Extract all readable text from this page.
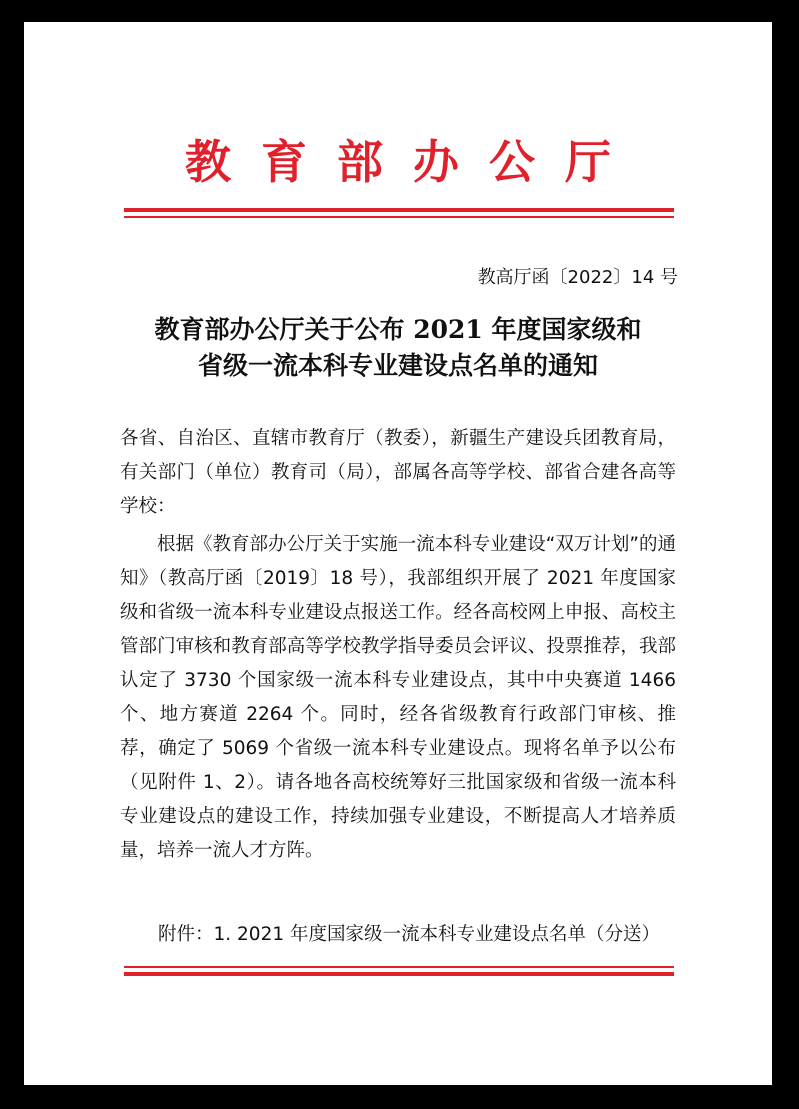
教育部办公厅
教高厅函〔2022〕14 号
教育部办公厅关于公布 2021 年度国家级和
省级一流本科专业建设点名单的通知
各省、自治区、直辖市教育厅（教委），新疆生产建设兵团教育局，有关部门（单位）教育司（局），部属各高等学校、部省合建各高等学校：
根据《教育部办公厅关于实施一流本科专业建设“双万计划”的通知》（教高厅函〔2019〕18 号），我部组织开展了 2021 年度国家级和省级一流本科专业建设点报送工作。经各高校网上申报、高校主管部门审核和教育部高等学校教学指导委员会评议、投票推荐，我部认定了 3730 个国家级一流本科专业建设点，其中中央赛道 1466 个、地方赛道 2264 个。同时，经各省级教育行政部门审核、推荐，确定了 5069 个省级一流本科专业建设点。现将名单予以公布（见附件 1、2）。请各地各高校统筹好三批国家级和省级一流本科专业建设点的建设工作，持续加强专业建设，不断提高人才培养质量，培养一流人才方阵。
附件：1. 2021 年度国家级一流本科专业建设点名单（分送）
